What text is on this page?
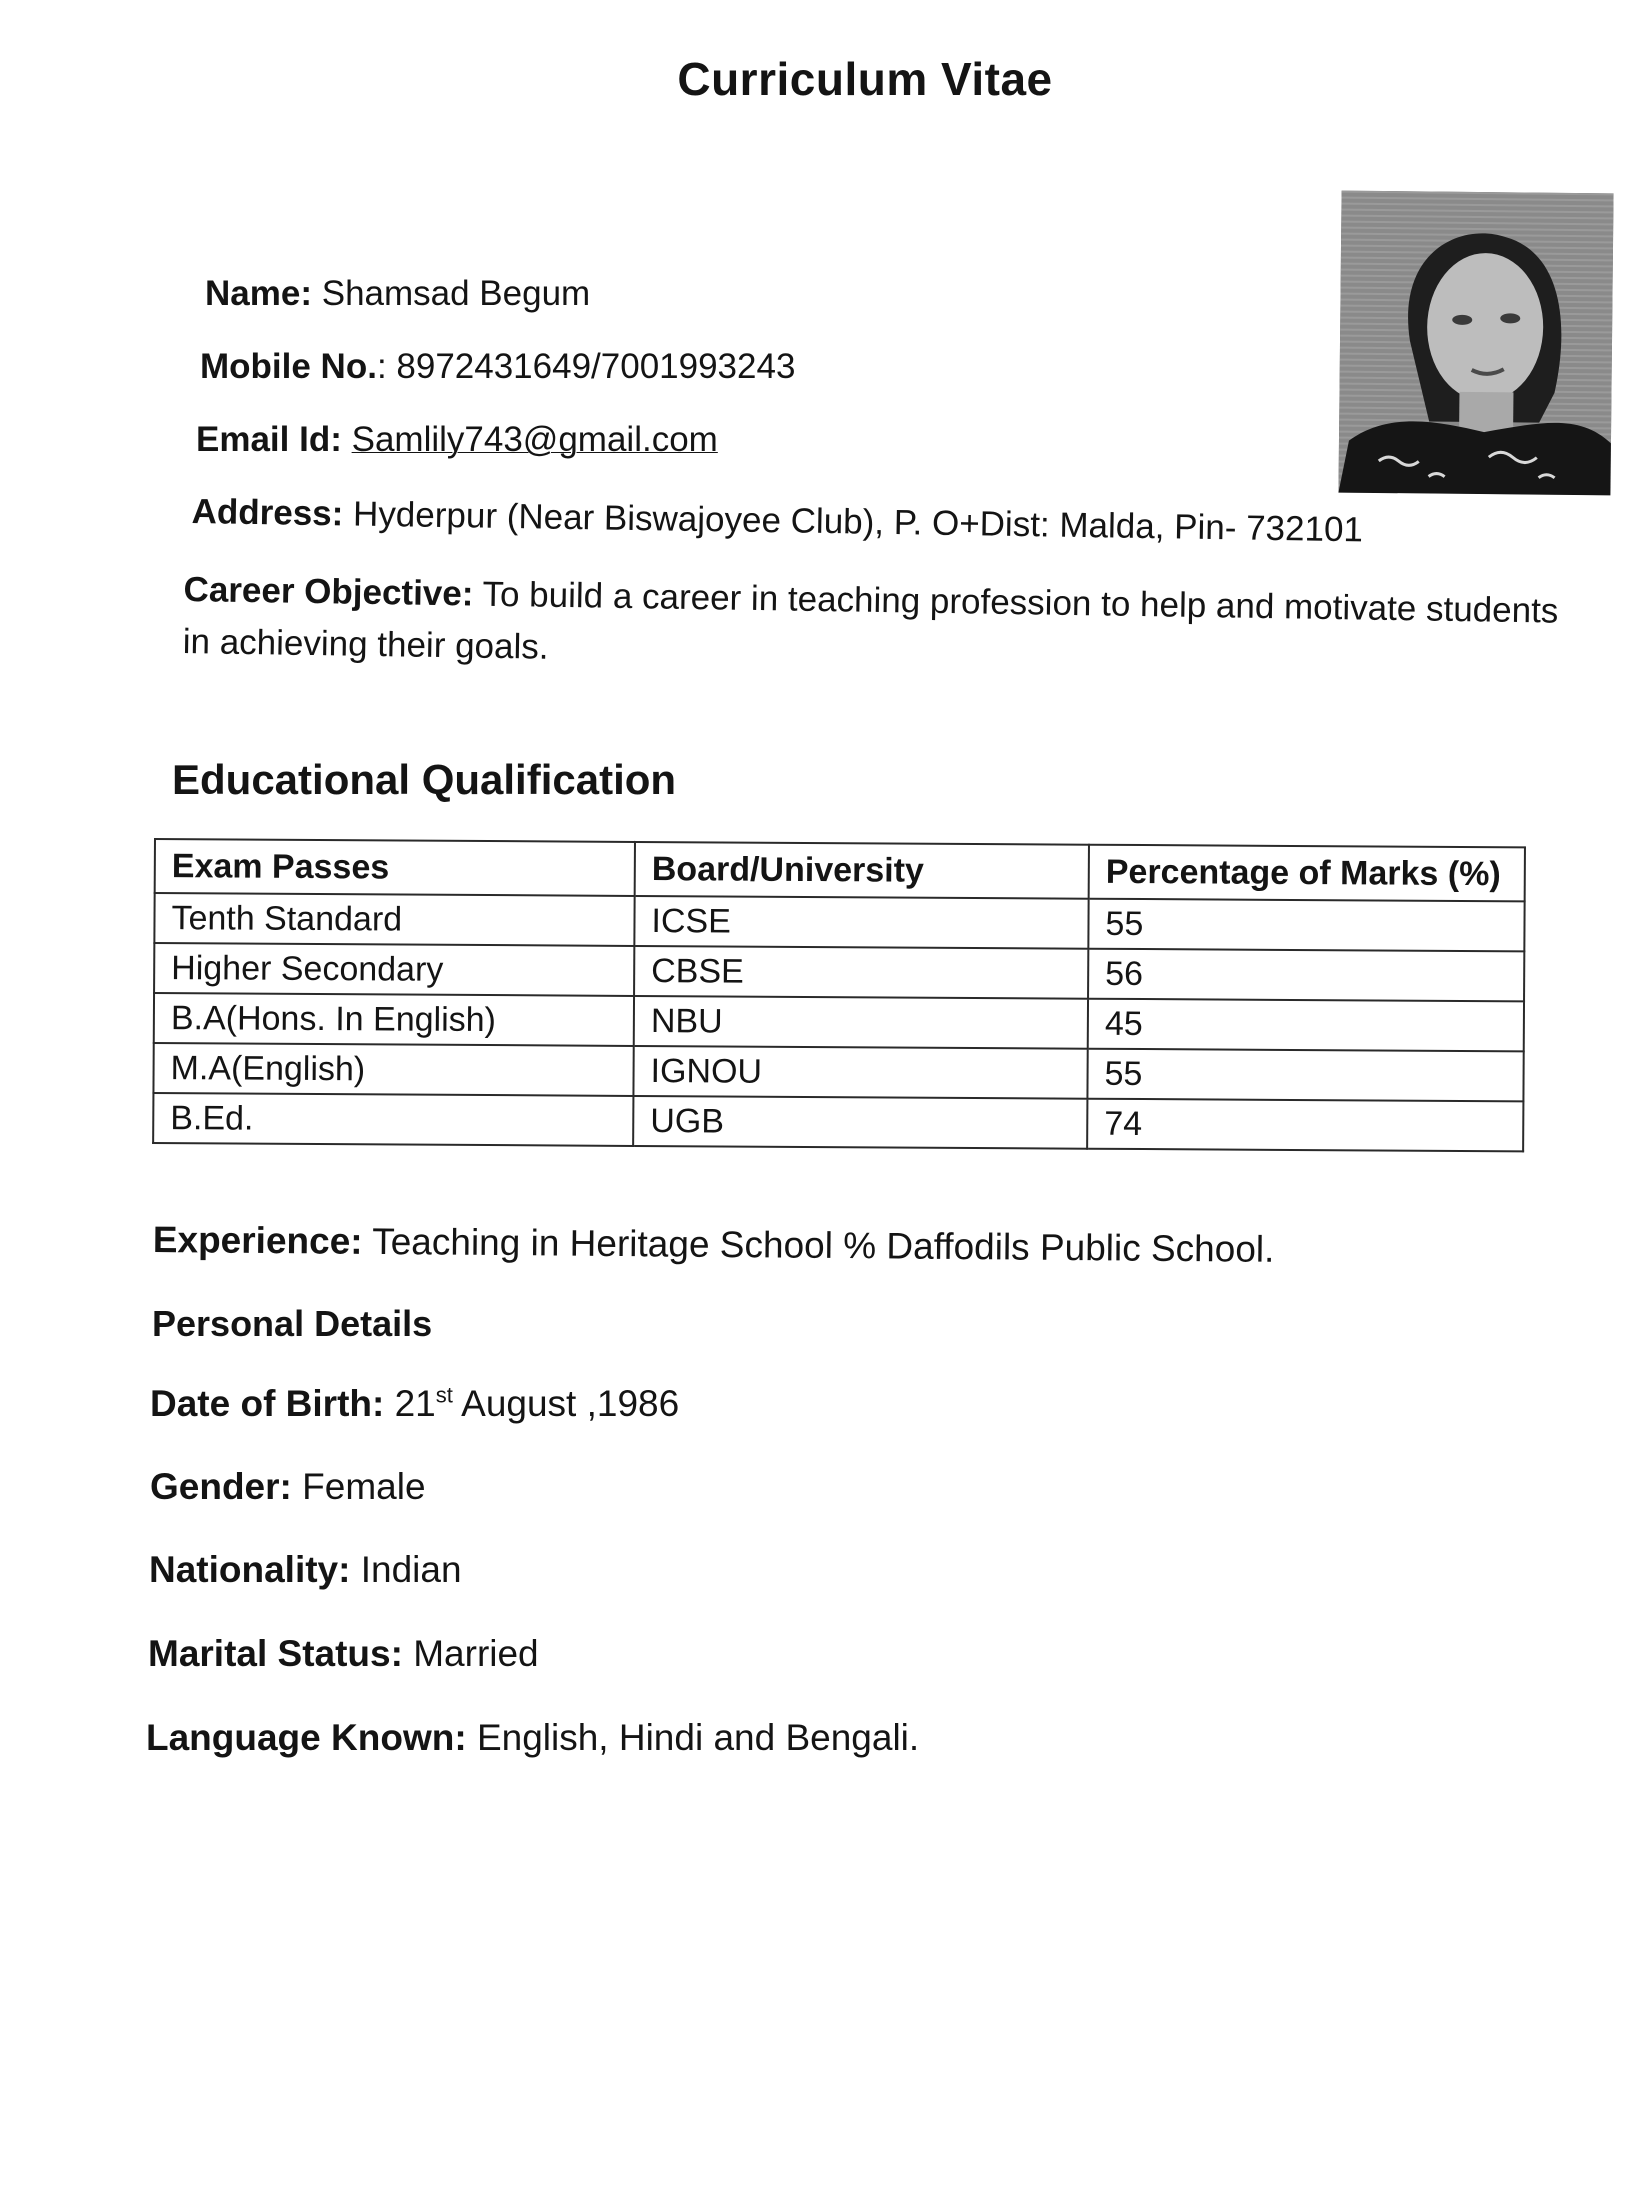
Curriculum Vitae
Name: Shamsad Begum
Mobile No.: 8972431649/7001993243
Email Id: Samlily743@gmail.com
Address: Hyderpur (Near Biswajoyee Club), P. O+Dist: Malda, Pin- 732101
Career Objective: To build a career in teaching profession to help and motivate students in achieving their goals.
Educational Qualification
Exam Passes	Board/University	Percentage of Marks (%)
Tenth Standard	ICSE	55
Higher Secondary	CBSE	56
B.A(Hons. In English)	NBU	45
M.A(English)	IGNOU	55
B.Ed.	UGB	74
Experience: Teaching in Heritage School % Daffodils Public School.
Personal Details
Date of Birth: 21st August ,1986
Gender: Female
Nationality: Indian
Marital Status: Married
Language Known: English, Hindi and Bengali.
